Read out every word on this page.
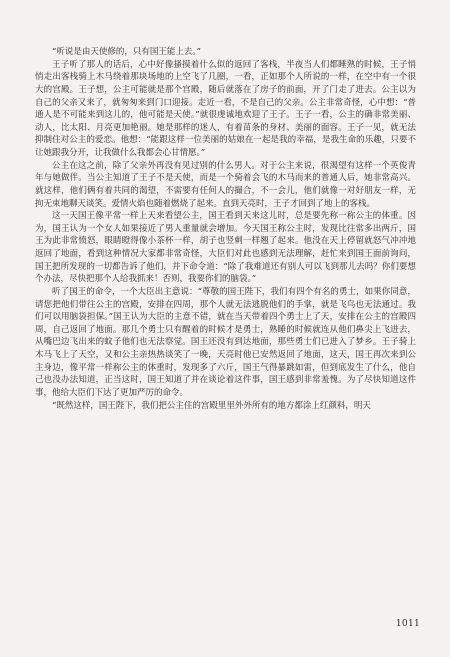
“听说是由天使修的，只有国王能上去。”

王子听了那人的话后，心中好像搔摸着什么似的返回了客栈，半夜当人们都睡熟的时候，王子悄悄走出客栈骑上木马绕着那块场地的上空飞了几圈，一看，正如那个人所说的一样，在空中有一个很大的宫殿。王子想，公主可能就是那个宫殿，随后就落在了房子的前面，开了门走了进去。公主以为自己的父亲又来了，就匆匆来到门口迎接。走近一看，不是自己的父亲。公主非常奇怪，心中想：“普通人是不可能来到这儿的，他可能是天使。”就很虔诚地欢迎了王子。王子一看，公主的确非常美丽、动人，比太阳、月亮更加艳丽。她是那样的迷人，有着苗条的身材、美丽的面容。王子一见，就无法抑制住对公主的爱恋。他想：“能跟这样一位美丽的姑娘在一起是我的幸福，是我生命的乐趣，只要不让她跟我分开，让我做什么我都会心甘情愿。”

公主在这之前，除了父亲外再没有见过别的什么男人。对于公主来说，很渴望有这样一个英俊青年与她做伴。当公主知道了王子不是天使，而是一个骑着会飞的木马而来的普通人后，她非常高兴。就这样，他们俩有着共同的渴望，不需要有任何人的撮合，不一会儿，他们就像一对好朋友一样，无拘无束地聊天谈笑。爱情火焰也随着燃烧了起来。直到天亮时，王子才回到了地上的客栈。

这一天国王像平常一样上天来看望公主，国王看到天来这儿时，总是要先称一称公主的体重。因为，国王认为一个女人如果接近了男人重量就会增加。今天国王称公主时，发现比往常多出两斤，国王为此非常愤怒，眼睛瞪得像小茶杯一样，胡子也竖刺一样翘了起来。他没在天上停留就怒气冲冲地返回了地面，看到这种情况大家都非常奇怪，大臣们对此也感到无法理解，赶忙来到国王面前询问，国王把所发现的一切都告诉了他们，并下命令道：“除了我难道还有别人可以飞到那儿去吗？你们要想个办法，尽快把那个人给我抓来！否则，我要你们的脑袋。”

听了国王的命令，一个大臣出主意说：“尊敬的国王陛下，我们有四个有名的勇士，如果你同意，请您把他们带往公主的宫殿，安排在四周，那个人就无法逃脱他们的手掌，就是飞鸟也无法通过。我们可以用脑袋担保。”国王认为大臣的主意不错，就在当天带着四个勇士上了天，安排在公主的宫殿四周，自己返回了地面。那几个勇士只有醒着的时候才是勇士，熟睡的时候就连从他们鼻尖上飞进去，从嘴巴边飞出来的蚊子他们也无法察觉。国王还没有到达地面，那些勇士们已进入了梦乡。王子骑上木马飞上了天空，又和公主亲热热谈笑了一晚，天亮时他已安然返回了地面，这天，国王再次来到公主身边，像平常一样称公主的体重时，发现多了六斤，国王气得暴跳如雷，但到底发生了什么，他自己也没办法知道，正当这时，国王知道了并在谈论着这件事，国王感到非常羞愧。为了尽快知道这件事，他给大臣们下达了更加严厉的命令。

“既然这样，国王陛下，我们把公主住的宫殿里里外外所有的地方都涂上红颜料，明天

1011
